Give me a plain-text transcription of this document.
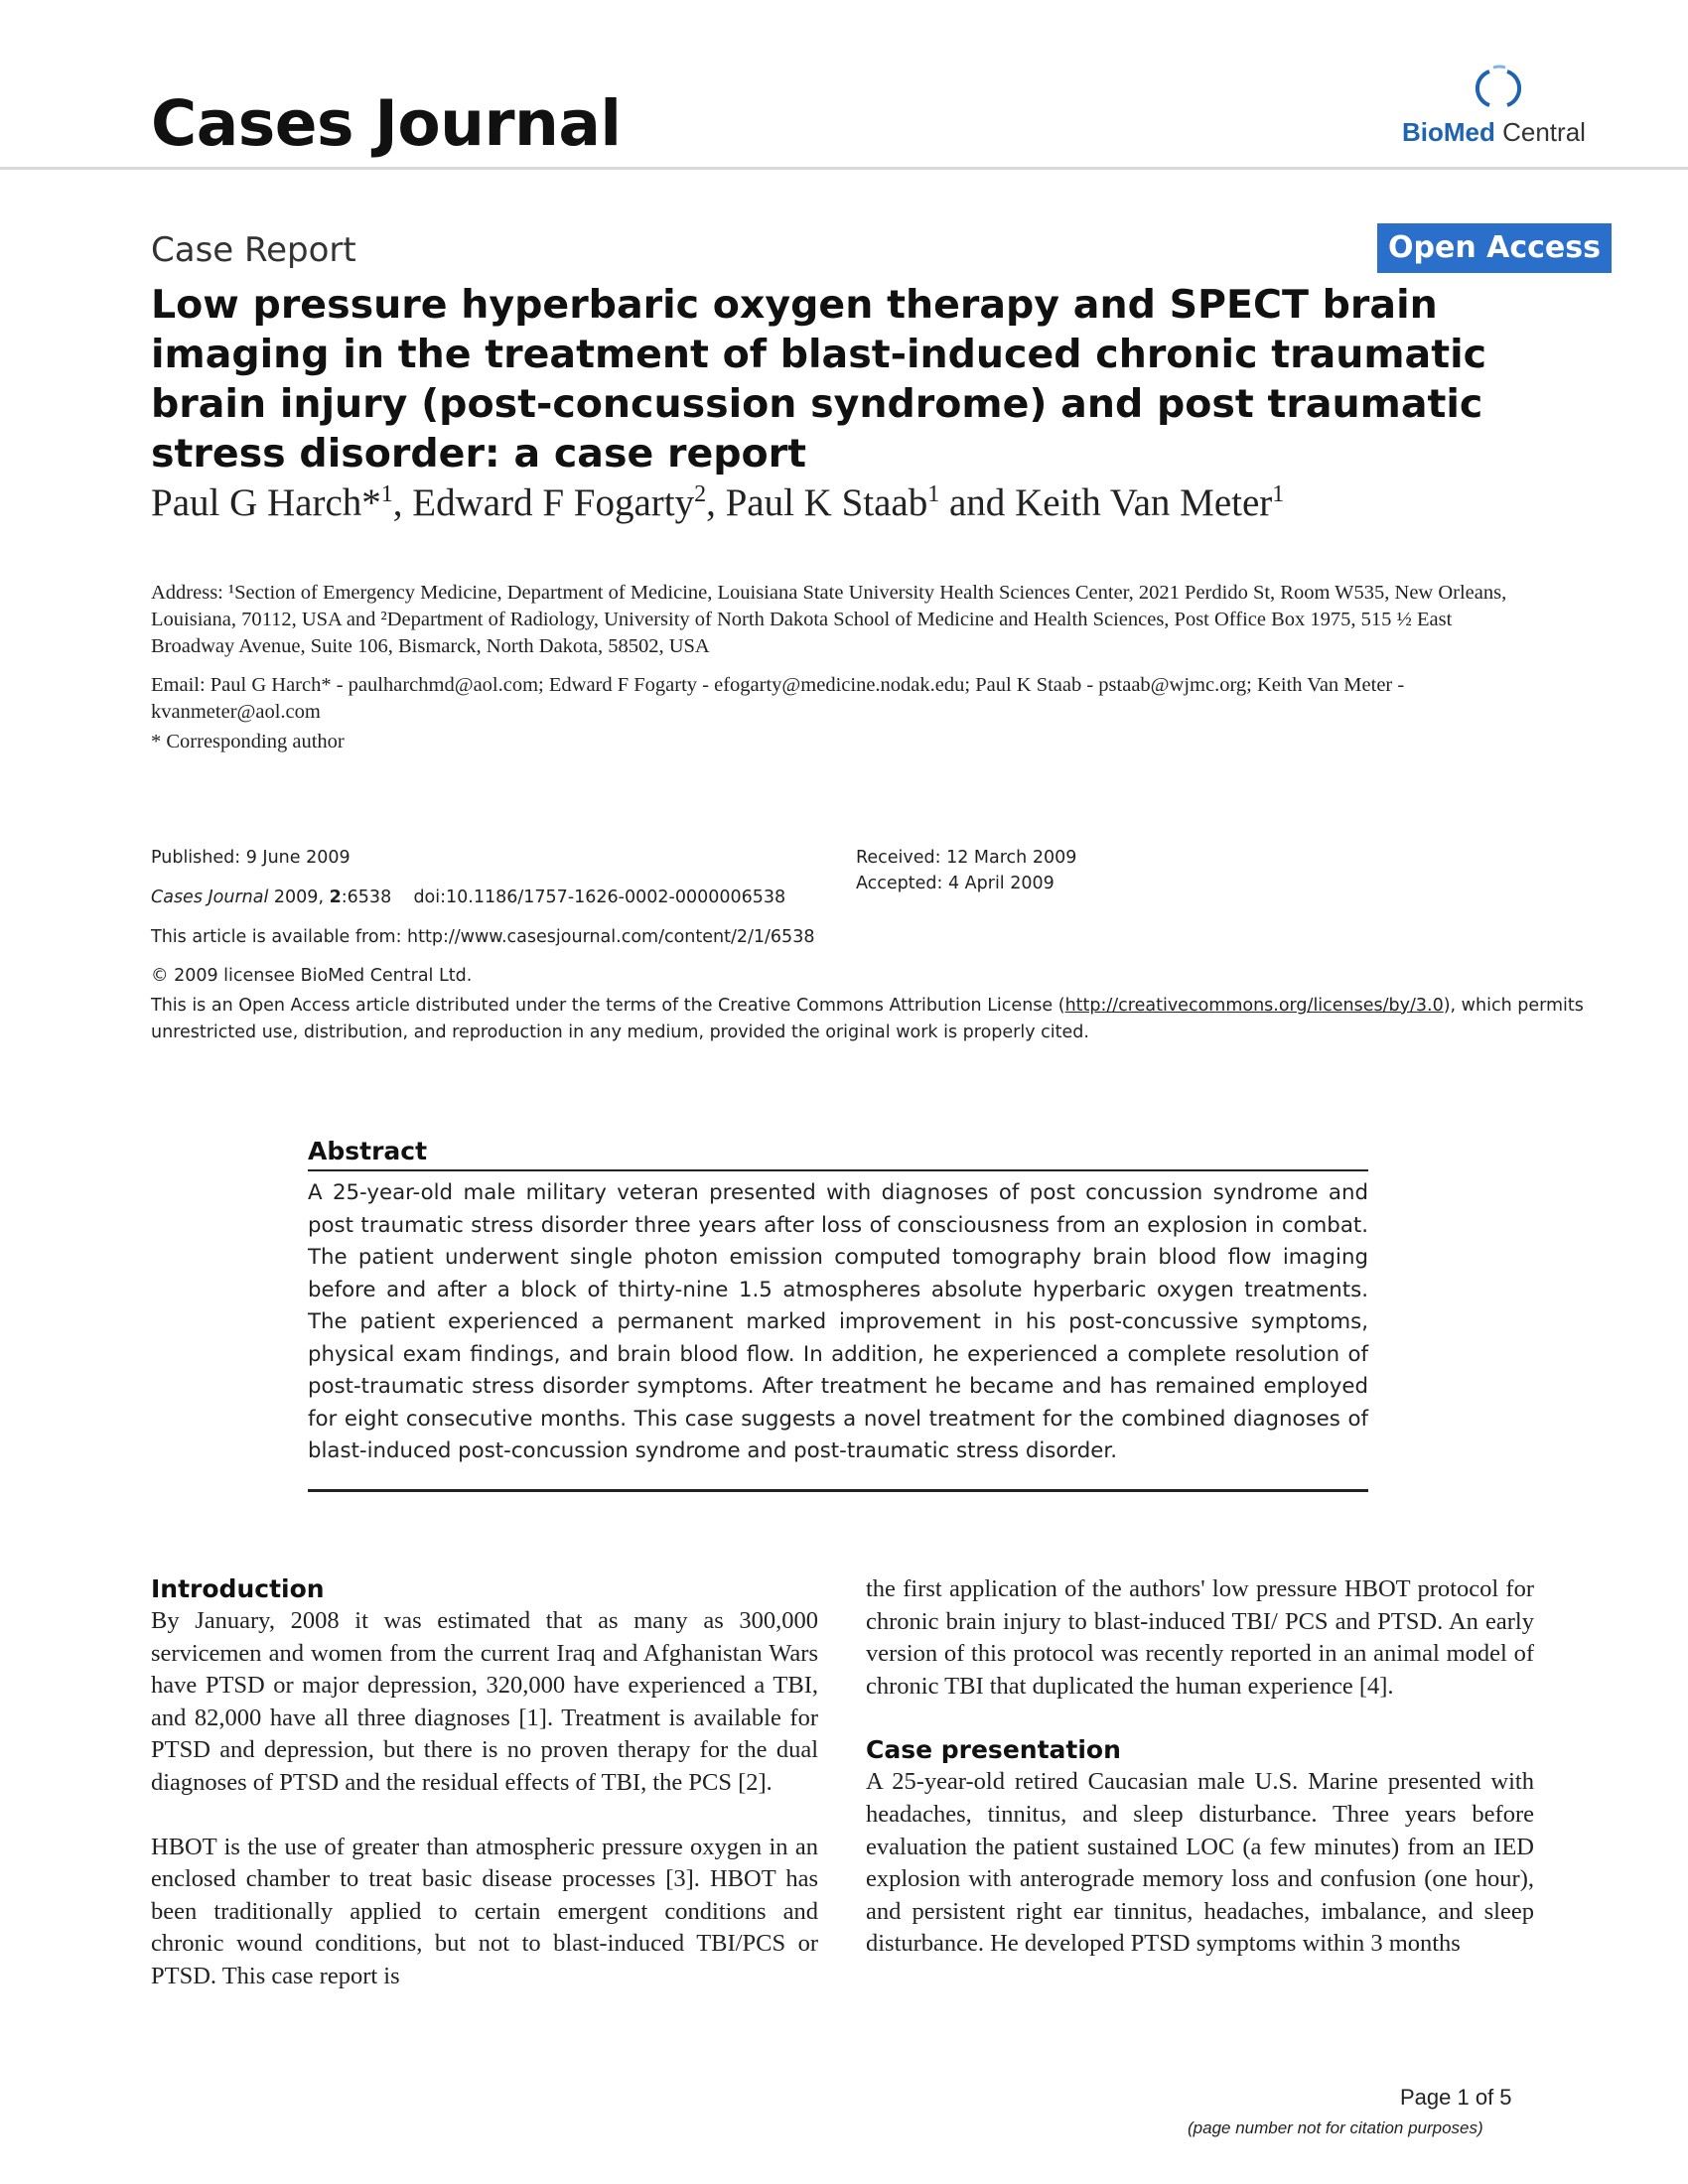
Cases Journal	BioMed Central
Case Report	Open Access
Low pressure hyperbaric oxygen therapy and SPECT brain imaging in the treatment of blast-induced chronic traumatic brain injury (post-concussion syndrome) and post traumatic stress disorder: a case report
Paul G Harch*$^1$, Edward F Fogarty$^2$, Paul K Staab$^1$ and Keith Van Meter$^1$
Address: ¹Section of Emergency Medicine, Department of Medicine, Louisiana State University Health Sciences Center, 2021 Perdido St, Room W535, New Orleans, Louisiana, 70112, USA and ²Department of Radiology, University of North Dakota School of Medicine and Health Sciences, Post Office Box 1975, 515 ½ East Broadway Avenue, Suite 106, Bismarck, North Dakota, 58502, USA
Email: Paul G Harch* - paulharchmd@aol.com; Edward F Fogarty - efogarty@medicine.nodak.edu; Paul K Staab - pstaab@wjmc.org; Keith Van Meter - kvanmeter@aol.com
* Corresponding author
Published: 9 June 2009
Cases Journal 2009, 2:6538    doi:10.1186/1757-1626-0002-0000006538
This article is available from: http://www.casesjournal.com/content/2/1/6538
Received: 12 March 2009
Accepted: 4 April 2009
© 2009 licensee BioMed Central Ltd.
This is an Open Access article distributed under the terms of the Creative Commons Attribution License (http://creativecommons.org/licenses/by/3.0), which permits unrestricted use, distribution, and reproduction in any medium, provided the original work is properly cited.
Abstract

A 25-year-old male military veteran presented with diagnoses of post concussion syndrome and post traumatic stress disorder three years after loss of consciousness from an explosion in combat. The patient underwent single photon emission computed tomography brain blood flow imaging before and after a block of thirty-nine 1.5 atmospheres absolute hyperbaric oxygen treatments. The patient experienced a permanent marked improvement in his post-concussive symptoms, physical exam findings, and brain blood flow. In addition, he experienced a complete resolution of post-traumatic stress disorder symptoms. After treatment he became and has remained employed for eight consecutive months. This case suggests a novel treatment for the combined diagnoses of blast-induced post-concussion syndrome and post-traumatic stress disorder.

Introduction

By January, 2008 it was estimated that as many as 300,000 servicemen and women from the current Iraq and Afghanistan Wars have PTSD or major depression, 320,000 have experienced a TBI, and 82,000 have all three diagnoses [1]. Treatment is available for PTSD and depression, but there is no proven therapy for the dual diagnoses of PTSD and the residual effects of TBI, the PCS [2].

HBOT is the use of greater than atmospheric pressure oxygen in an enclosed chamber to treat basic disease processes [3]. HBOT has been traditionally applied to certain emergent conditions and chronic wound conditions, but not to blast-induced TBI/PCS or PTSD. This case report is

the first application of the authors' low pressure HBOT protocol for chronic brain injury to blast-induced TBI/ PCS and PTSD. An early version of this protocol was recently reported in an animal model of chronic TBI that duplicated the human experience [4].

Case presentation

A 25-year-old retired Caucasian male U.S. Marine presented with headaches, tinnitus, and sleep disturbance. Three years before evaluation the patient sustained LOC (a few minutes) from an IED explosion with anterograde memory loss and confusion (one hour), and persistent right ear tinnitus, headaches, imbalance, and sleep disturbance. He developed PTSD symptoms within 3 months

Page 1 of 5
(page number not for citation purposes)
